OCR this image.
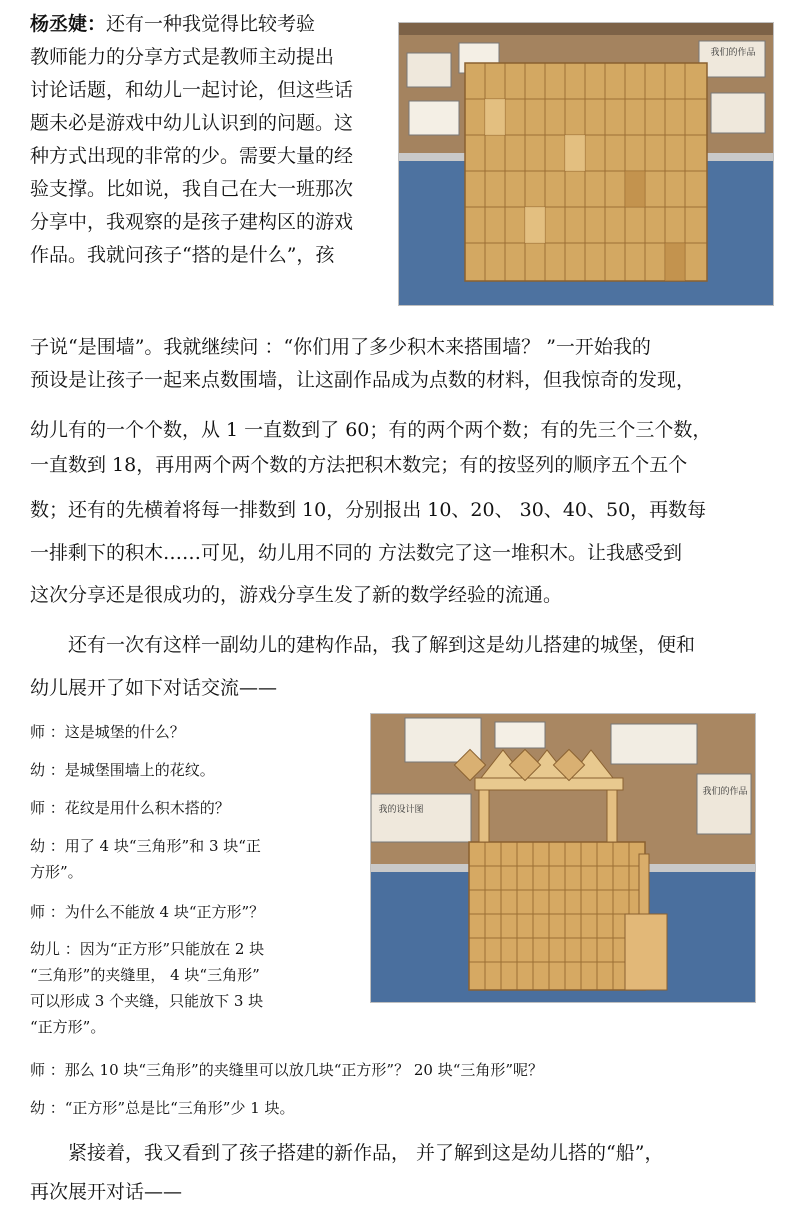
杨丞婕：还有一种我觉得比较考验

教师能力的分享方式是教师主动提出

讨论话题，和幼儿一起讨论，但这些话

题未必是游戏中幼儿认识到的问题。这

种方式出现的非常的少。需要大量的经

验支撑。比如说，我自己在大一班那次

分享中，我观察的是孩子建构区的游戏

作品。我就问孩子“搭的是什么”，孩

我们的作品

子说“是围墙”。我就继续问 ：“你们用了多少积木来搭围墙？ ”一开始我的

预设是让孩子一起来点数围墙，让这副作品成为点数的材料，但我惊奇的发现，

幼儿有的一个个数，从 1 一直数到了 60；有的两个两个数；有的先三个三个数，

一直数到 18，再用两个两个数的方法把积木数完；有的按竖列的顺序五个五个

数；还有的先横着将每一排数到 10，分别报出 10、20、 30、40、50，再数每

一排剩下的积木……可见，幼儿用不同的 方法数完了这一堆积木。让我感受到

这次分享还是很成功的，游戏分享生发了新的数学经验的流通。

还有一次有这样一副幼儿的建构作品，我了解到这是幼儿搭建的城堡，便和

幼儿展开了如下对话交流——

师 ：这是城堡的什么？

幼 ：是城堡围墙上的花纹。

师 ：花纹是用什么积木搭的？

幼 ：用了 4 块“三角形”和 3 块“正

方形”。

师 ：为什么不能放 4 块“正方形”？

幼儿 ：因为“正方形”只能放在 2 块

“三角形”的夹缝里， 4 块“三角形”

可以形成 3 个夹缝，只能放下 3 块

“正方形”。

师 ：那么 10 块“三角形”的夹缝里可以放几块“正方形”？ 20 块“三角形”呢？

幼 ：“正方形”总是比“三角形”少 1 块。

我们的作品
我的设计图

紧接着，我又看到了孩子搭建的新作品， 并了解到这是幼儿搭的“船”，

再次展开对话——
